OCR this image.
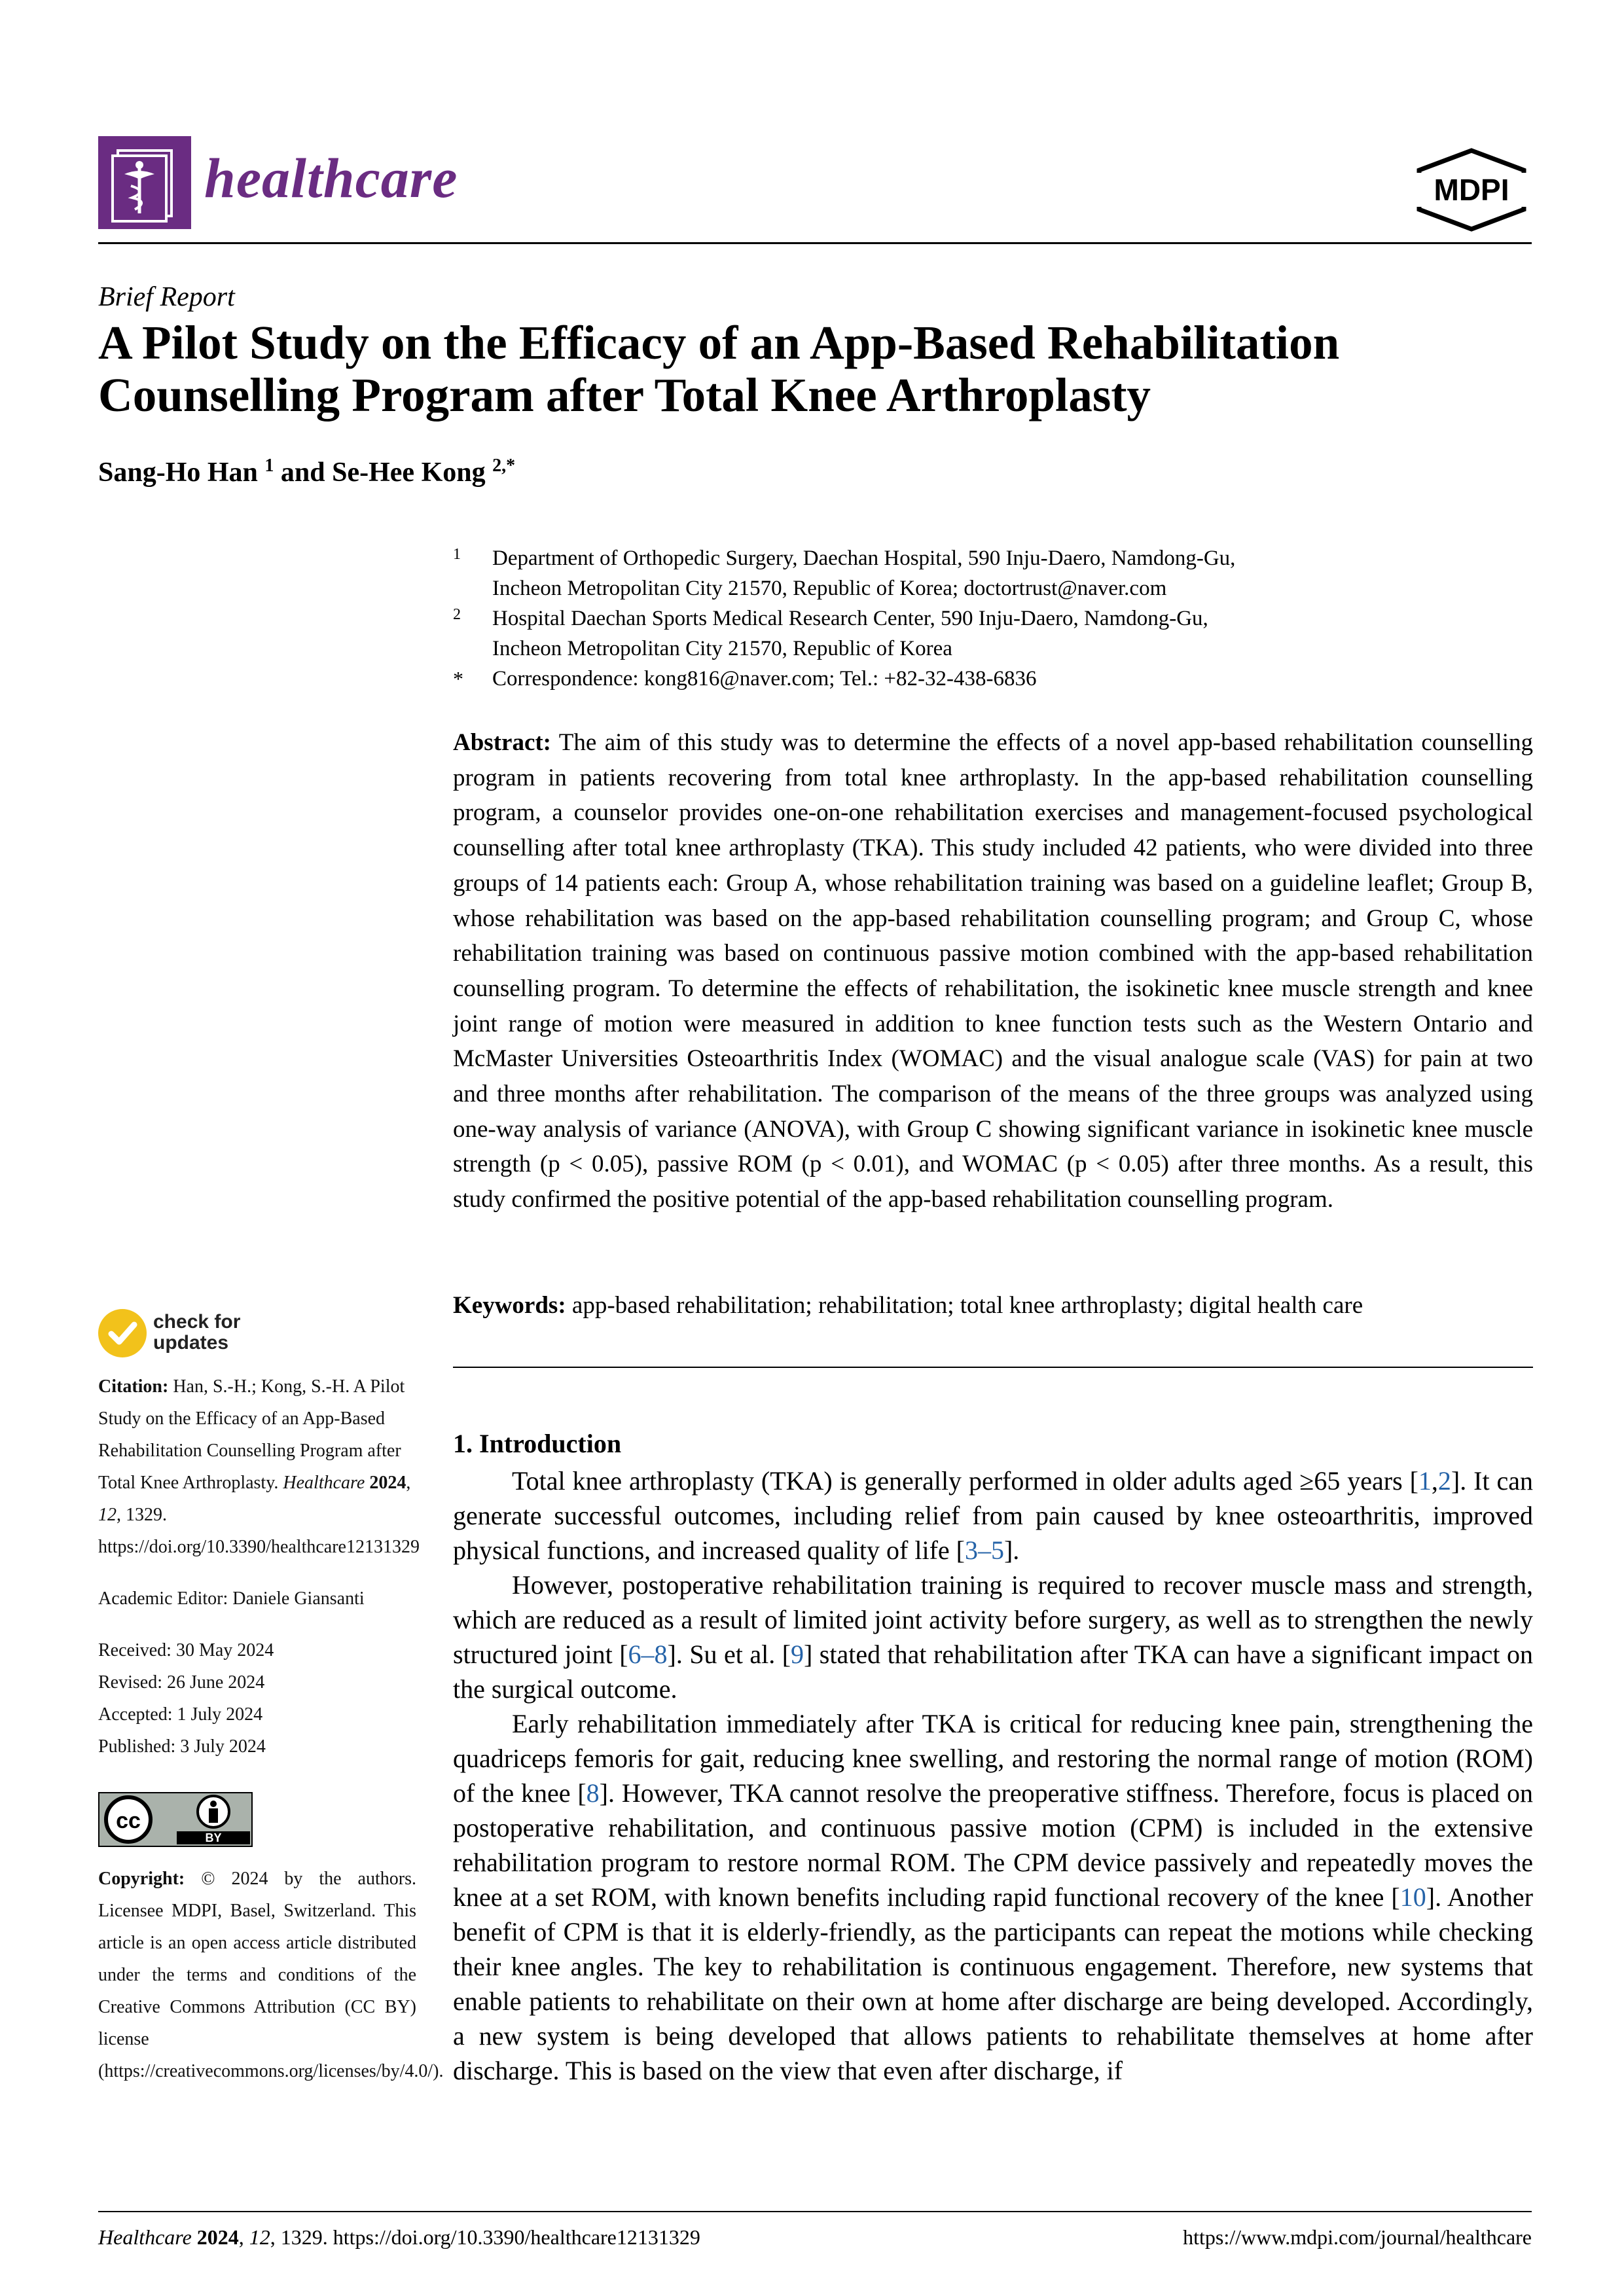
healthcare	MDPI
Brief Report
A Pilot Study on the Efficacy of an App-Based Rehabilitation
Counselling Program after Total Knee Arthroplasty
Sang-Ho Han $^1$ and Se-Hee Kong $^{2,*}$
1 Department of Orthopedic Surgery, Daechan Hospital, 590 Inju-Daero, Namdong-Gu,
Incheon Metropolitan City 21570, Republic of Korea; doctortrust@naver.com
2 Hospital Daechan Sports Medical Research Center, 590 Inju-Daero, Namdong-Gu,
Incheon Metropolitan City 21570, Republic of Korea
* Correspondence: kong816@naver.com; Tel.: +82-32-438-6836
Abstract: The aim of this study was to determine the effects of a novel app-based rehabilitation counselling program in patients recovering from total knee arthroplasty. In the app-based rehabilitation counselling program, a counselor provides one-on-one rehabilitation exercises and management-focused psychological counselling after total knee arthroplasty (TKA). This study included 42 patients, who were divided into three groups of 14 patients each: Group A, whose rehabilitation training was based on a guideline leaflet; Group B, whose rehabilitation was based on the app-based rehabilitation counselling program; and Group C, whose rehabilitation training was based on continuous passive motion combined with the app-based rehabilitation counselling program. To determine the effects of rehabilitation, the isokinetic knee muscle strength and knee joint range of motion were measured in addition to knee function tests such as the Western Ontario and McMaster Universities Osteoarthritis Index (WOMAC) and the visual analogue scale (VAS) for pain at two and three months after rehabilitation. The comparison of the means of the three groups was analyzed using one-way analysis of variance (ANOVA), with Group C showing significant variance in isokinetic knee muscle strength (p < 0.05), passive ROM (p < 0.01), and WOMAC (p < 0.05) after three months. As a result, this study confirmed the positive potential of the app-based rehabilitation counselling program.
Keywords: app-based rehabilitation; rehabilitation; total knee arthroplasty; digital health care
1. Introduction

Total knee arthroplasty (TKA) is generally performed in older adults aged ≥65 years [1,2]. It can generate successful outcomes, including relief from pain caused by knee osteoarthritis, improved physical functions, and increased quality of life [3–5].

However, postoperative rehabilitation training is required to recover muscle mass and strength, which are reduced as a result of limited joint activity before surgery, as well as to strengthen the newly structured joint [6–8]. Su et al. [9] stated that rehabilitation after TKA can have a significant impact on the surgical outcome.

Early rehabilitation immediately after TKA is critical for reducing knee pain, strengthening the quadriceps femoris for gait, reducing knee swelling, and restoring the normal range of motion (ROM) of the knee [8]. However, TKA cannot resolve the preoperative stiffness. Therefore, focus is placed on postoperative rehabilitation, and continuous passive motion (CPM) is included in the extensive rehabilitation program to restore normal ROM. The CPM device passively and repeatedly moves the knee at a set ROM, with known benefits including rapid functional recovery of the knee [10]. Another benefit of CPM is that it is elderly-friendly, as the participants can repeat the motions while checking their knee angles. The key to rehabilitation is continuous engagement. Therefore, new systems that enable patients to rehabilitate on their own at home after discharge are being developed. Accordingly, a new system is being developed that allows patients to rehabilitate themselves at home after discharge. This is based on the view that even after discharge, if

check for
updates

Citation: Han, S.-H.; Kong, S.-H. A Pilot Study on the Efficacy of an App-Based Rehabilitation Counselling Program after Total Knee Arthroplasty. Healthcare 2024, 12, 1329. https://doi.org/10.3390/healthcare12131329

Academic Editor: Daniele Giansanti

Received: 30 May 2024

Revised: 26 June 2024

Accepted: 1 July 2024

Published: 3 July 2024

cc
BY
Copyright: © 2024 by the authors. Licensee MDPI, Basel, Switzerland. This article is an open access article distributed under the terms and conditions of the Creative Commons Attribution (CC BY) license (https://creativecommons.org/licenses/by/4.0/).
Healthcare 2024, 12, 1329. https://doi.org/10.3390/healthcare12131329	https://www.mdpi.com/journal/healthcare
